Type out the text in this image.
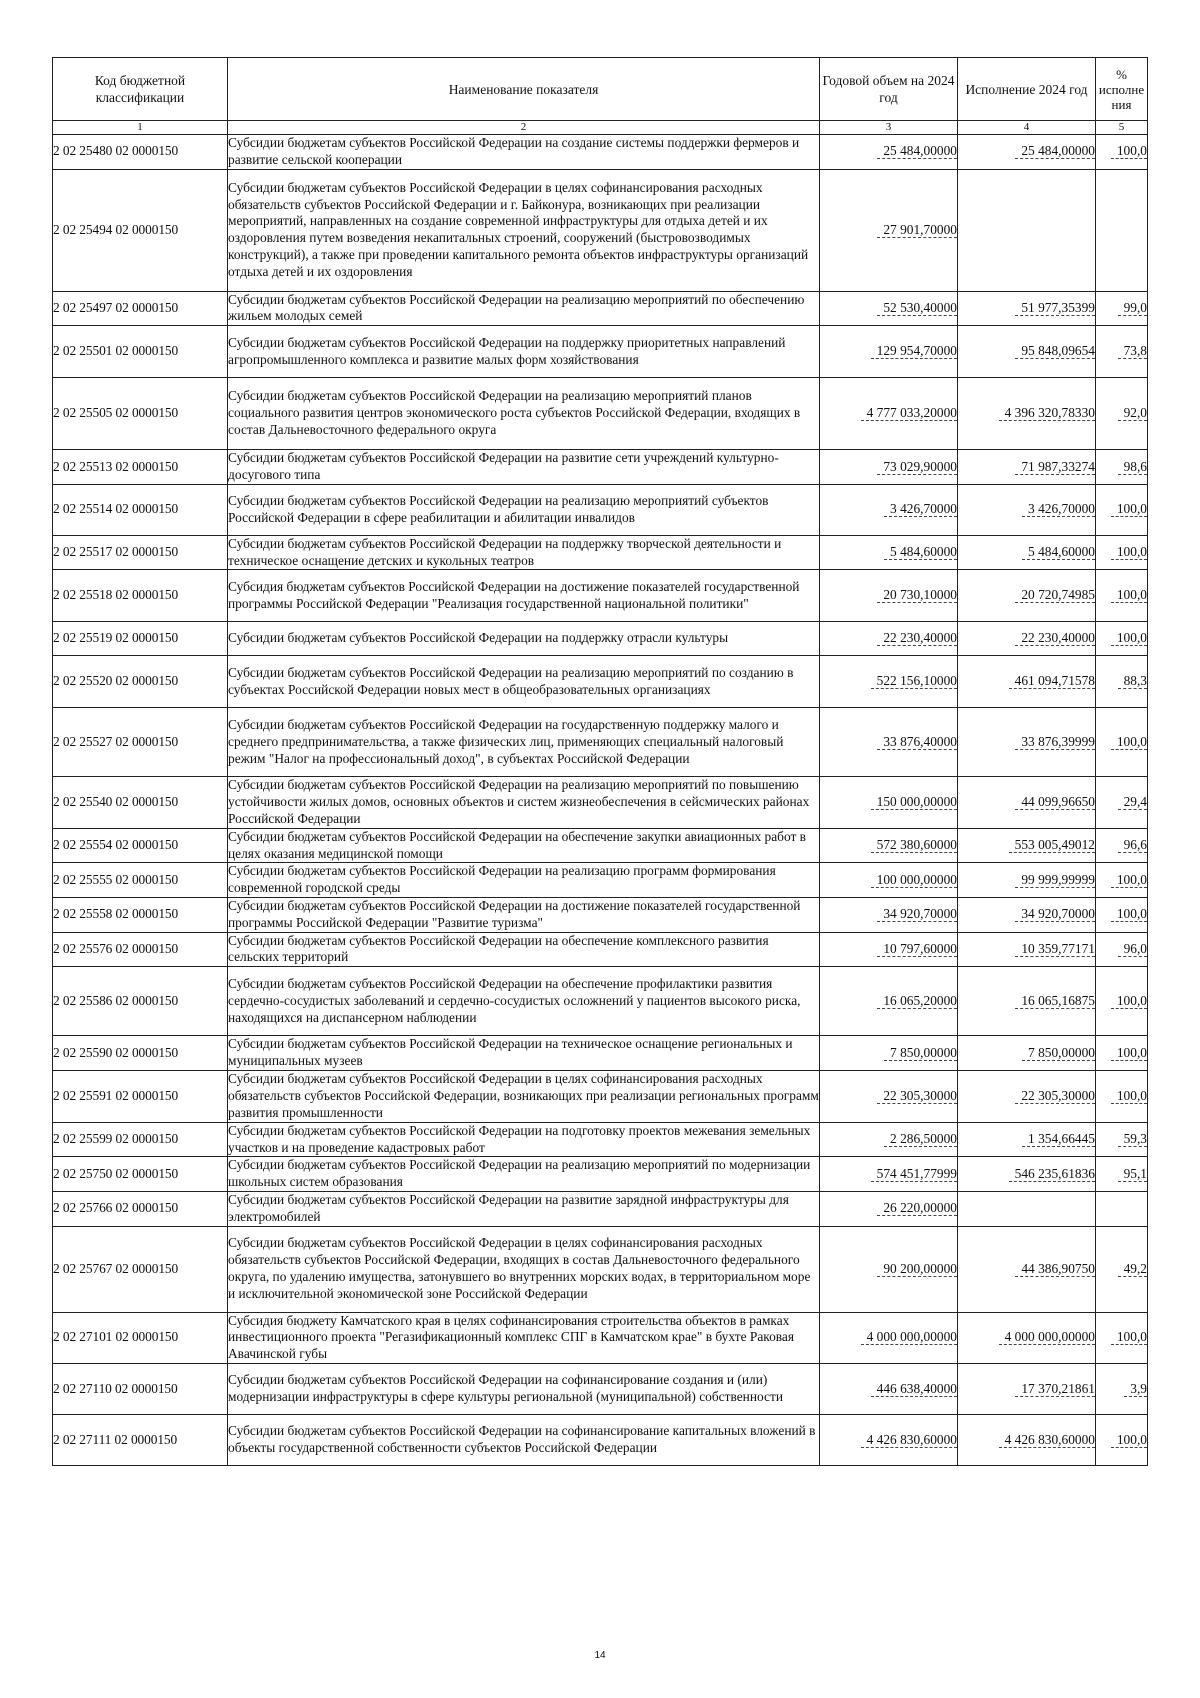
Код бюджетной классификации	Наименование показателя	Годовой объем на 2024 год	Исполнение 2024 год	% исполне ния
1	2	3	4	5
2 02 25480 02 0000150	Субсидии бюджетам субъектов Российской Федерации на создание системы поддержки фермеров и развитие сельской кооперации	25 484,00000	25 484,00000	100,0
2 02 25494 02 0000150	Субсидии бюджетам субъектов Российской Федерации в целях софинансирования расходных обязательств субъектов Российской Федерации и г. Байконура, возникающих при реализации мероприятий, направленных на создание современной инфраструктуры для отдыха детей и их оздоровления путем возведения некапитальных строений, сооружений (быстровозводимых конструкций), а также при проведении капитального ремонта объектов инфраструктуры организаций отдыха детей и их оздоровления	27 901,70000		
2 02 25497 02 0000150	Субсидии бюджетам субъектов Российской Федерации на реализацию мероприятий по обеспечению жильем молодых семей	52 530,40000	51 977,35399	99,0
2 02 25501 02 0000150	Субсидии бюджетам субъектов Российской Федерации на поддержку приоритетных направлений агропромышленного комплекса и развитие малых форм хозяйствования	129 954,70000	95 848,09654	73,8
2 02 25505 02 0000150	Субсидии бюджетам субъектов Российской Федерации на реализацию мероприятий планов социального развития центров экономического роста субъектов Российской Федерации, входящих в состав Дальневосточного федерального округа	4 777 033,20000	4 396 320,78330	92,0
2 02 25513 02 0000150	Субсидии бюджетам субъектов Российской Федерации на развитие сети учреждений культурно-досугового типа	73 029,90000	71 987,33274	98,6
2 02 25514 02 0000150	Субсидии бюджетам субъектов Российской Федерации на реализацию мероприятий субъектов Российской Федерации в сфере реабилитации и абилитации инвалидов	3 426,70000	3 426,70000	100,0
2 02 25517 02 0000150	Субсидии бюджетам субъектов Российской Федерации на поддержку творческой деятельности и техническое оснащение детских и кукольных театров	5 484,60000	5 484,60000	100,0
2 02 25518 02 0000150	Субсидия бюджетам субъектов Российской Федерации на достижение показателей государственной программы Российской Федерации "Реализация государственной национальной политики"	20 730,10000	20 720,74985	100,0
2 02 25519 02 0000150	Субсидии бюджетам субъектов Российской Федерации на поддержку отрасли культуры	22 230,40000	22 230,40000	100,0
2 02 25520 02 0000150	Субсидии бюджетам субъектов Российской Федерации на реализацию мероприятий по созданию в субъектах Российской Федерации новых мест в общеобразовательных организациях	522 156,10000	461 094,71578	88,3
2 02 25527 02 0000150	Субсидии бюджетам субъектов Российской Федерации на государственную поддержку малого и среднего предпринимательства, а также физических лиц, применяющих специальный налоговый режим "Налог на профессиональный доход", в субъектах Российской Федерации	33 876,40000	33 876,39999	100,0
2 02 25540 02 0000150	Субсидии бюджетам субъектов Российской Федерации на реализацию мероприятий по повышению устойчивости жилых домов, основных объектов и систем жизнеобеспечения в сейсмических районах Российской Федерации	150 000,00000	44 099,96650	29,4
2 02 25554 02 0000150	Субсидии бюджетам субъектов Российской Федерации на обеспечение закупки авиационных работ в целях оказания медицинской помощи	572 380,60000	553 005,49012	96,6
2 02 25555 02 0000150	Субсидии бюджетам субъектов Российской Федерации на реализацию программ формирования современной городской среды	100 000,00000	99 999,99999	100,0
2 02 25558 02 0000150	Субсидии бюджетам субъектов Российской Федерации на достижение показателей государственной программы Российской Федерации "Развитие туризма"	34 920,70000	34 920,70000	100,0
2 02 25576 02 0000150	Субсидии бюджетам субъектов Российской Федерации на обеспечение комплексного развития сельских территорий	10 797,60000	10 359,77171	96,0
2 02 25586 02 0000150	Субсидии бюджетам субъектов Российской Федерации на обеспечение профилактики развития сердечно-сосудистых заболеваний и сердечно-сосудистых осложнений у пациентов высокого риска, находящихся на диспансерном наблюдении	16 065,20000	16 065,16875	100,0
2 02 25590 02 0000150	Субсидии бюджетам субъектов Российской Федерации на техническое оснащение региональных и муниципальных музеев	7 850,00000	7 850,00000	100,0
2 02 25591 02 0000150	Субсидии бюджетам субъектов Российской Федерации в целях софинансирования расходных обязательств субъектов Российской Федерации, возникающих при реализации региональных программ развития промышленности	22 305,30000	22 305,30000	100,0
2 02 25599 02 0000150	Субсидии бюджетам субъектов Российской Федерации на подготовку проектов межевания земельных участков и на проведение кадастровых работ	2 286,50000	1 354,66445	59,3
2 02 25750 02 0000150	Субсидии бюджетам субъектов Российской Федерации на реализацию мероприятий по модернизации школьных систем образования	574 451,77999	546 235,61836	95,1
2 02 25766 02 0000150	Субсидии бюджетам субъектов Российской Федерации на развитие зарядной инфраструктуры для электромобилей	26 220,00000		
2 02 25767 02 0000150	Субсидии бюджетам субъектов Российской Федерации в целях софинансирования расходных обязательств субъектов Российской Федерации, входящих в состав Дальневосточного федерального округа, по удалению имущества, затонувшего во внутренних морских водах, в территориальном море и исключительной экономической зоне Российской Федерации	90 200,00000	44 386,90750	49,2
2 02 27101 02 0000150	Субсидия бюджету Камчатского края в целях софинансирования строительства объектов в рамках инвестиционного проекта "Регазификационный комплекс СПГ в Камчатском крае" в бухте Раковая Авачинской губы	4 000 000,00000	4 000 000,00000	100,0
2 02 27110 02 0000150	Субсидии бюджетам субъектов Российской Федерации на софинансирование создания и (или) модернизации инфраструктуры в сфере культуры региональной (муниципальной) собственности	446 638,40000	17 370,21861	3,9
2 02 27111 02 0000150	Субсидии бюджетам субъектов Российской Федерации на софинансирование капитальных вложений в объекты государственной собственности субъектов Российской Федерации	4 426 830,60000	4 426 830,60000	100,0
14
